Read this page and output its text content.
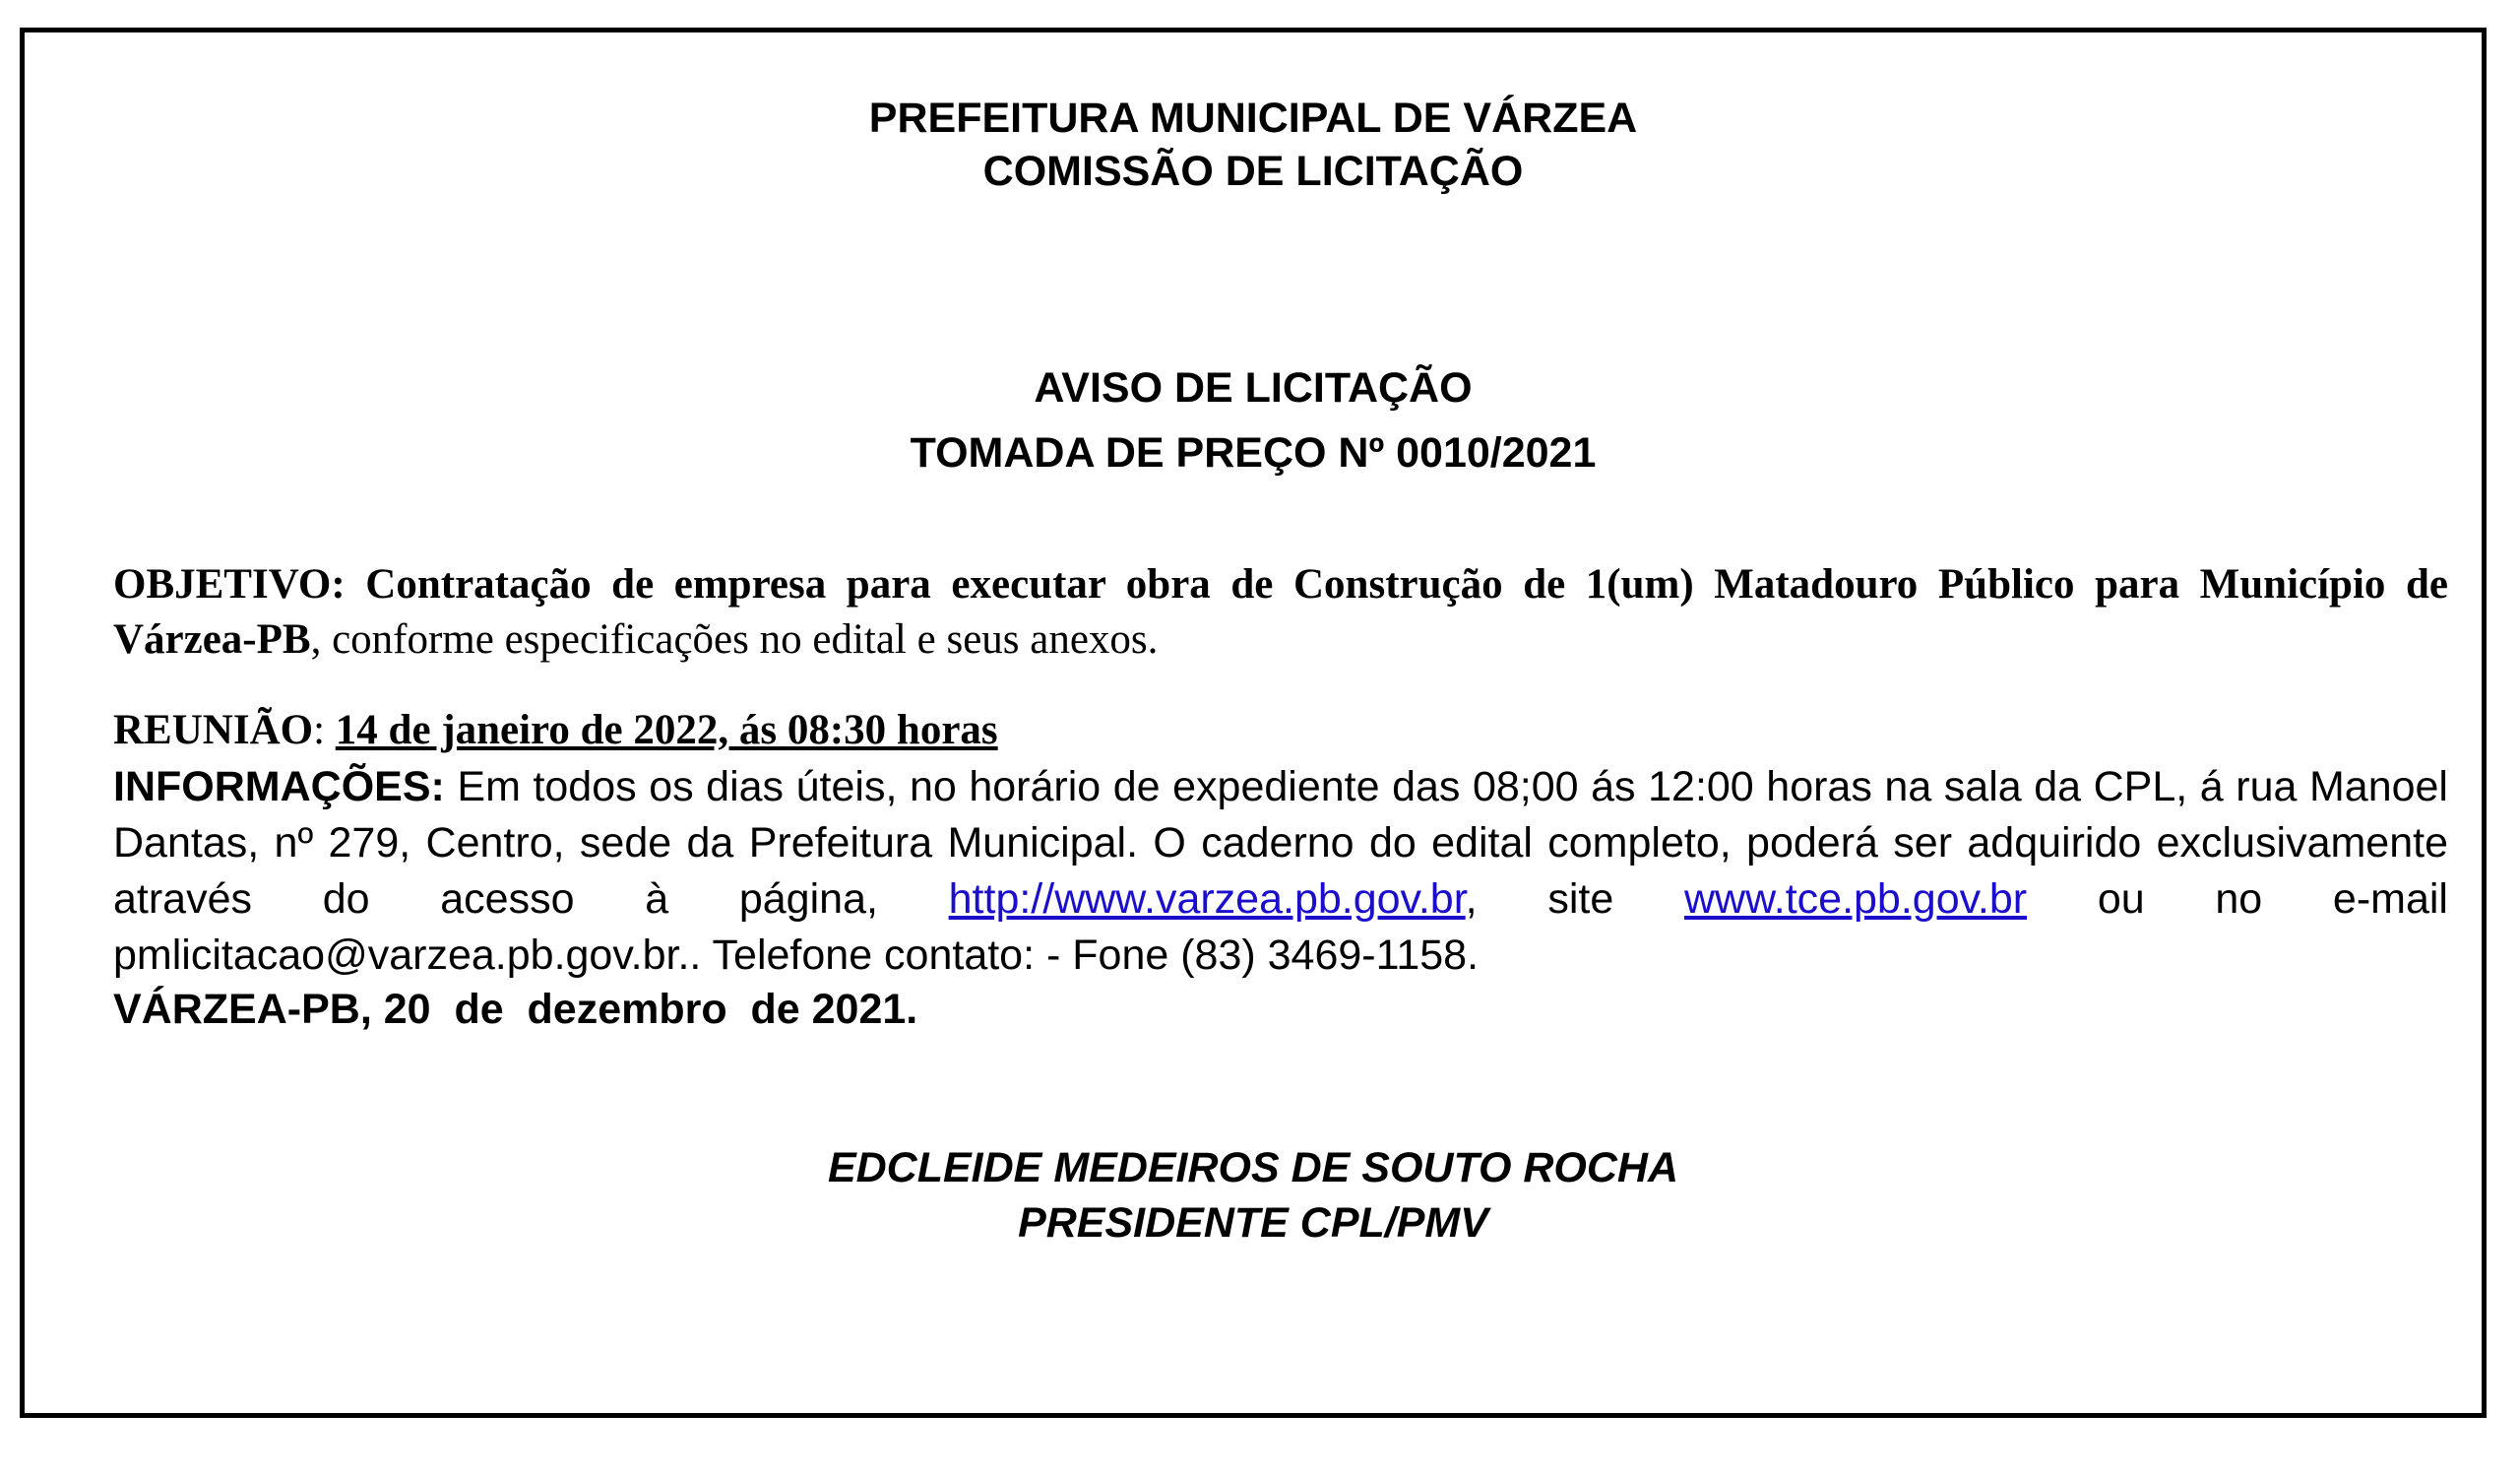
PREFEITURA MUNICIPAL DE VÁRZEA
COMISSÃO DE LICITAÇÃO
AVISO DE LICITAÇÃO
TOMADA DE PREÇO Nº 0010/2021
OBJETIVO: Contratação de empresa para executar obra de Construção de 1(um) Matadouro Público para Município de Várzea-PB, conforme especificações no edital e seus anexos.
REUNIÃO: 14 de janeiro de 2022, ás 08:30 horas
INFORMAÇÕES: Em todos os dias úteis, no horário de expediente das 08;00 ás 12:00 horas na sala da CPL, á rua Manoel Dantas, nº 279, Centro, sede da Prefeitura Municipal. O caderno do edital completo, poderá ser adquirido exclusivamente através do acesso à página, http://www.varzea.pb.gov.br, site www.tce.pb.gov.br ou no e-mail pmlicitacao@varzea.pb.gov.br.. Telefone contato: - Fone (83) 3469-1158.
VÁRZEA-PB, 20  de  dezembro  de 2021.
EDCLEIDE MEDEIROS DE SOUTO ROCHA
PRESIDENTE CPL/PMV
